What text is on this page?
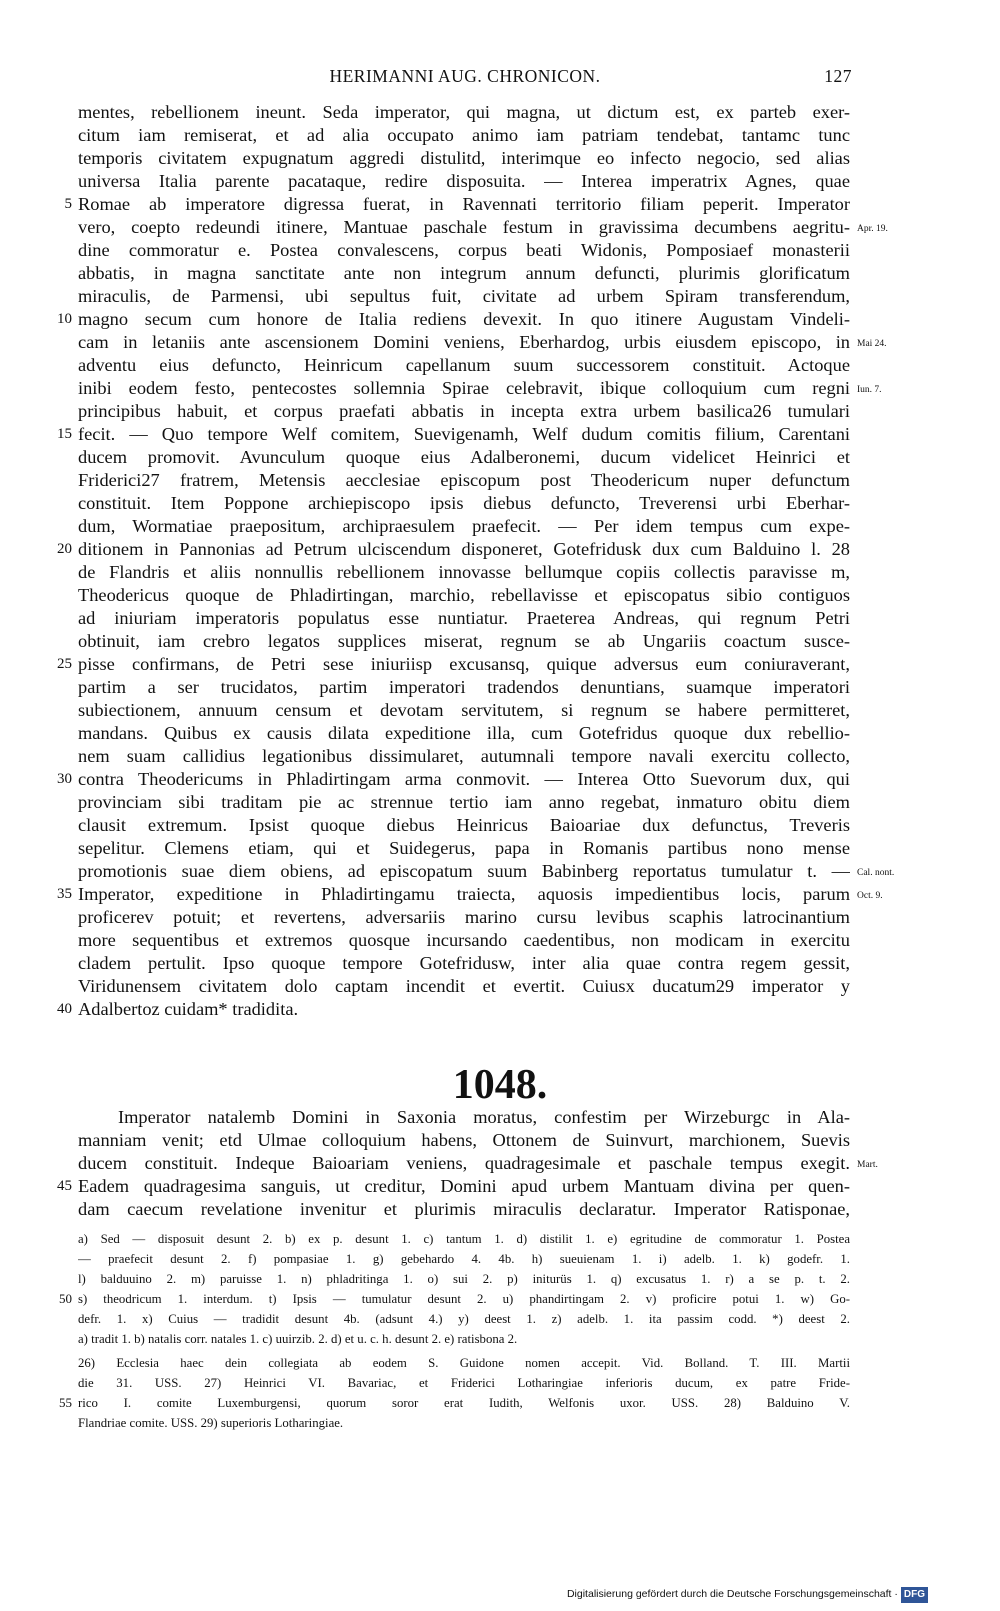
HERIMANNI AUG. CHRONICON.	127
mentes, rebellionem ineunt. Seda imperator, qui magna, ut dictum est, ex parteb exer-
citum iam remiserat, et ad alia occupato animo iam patriam tendebat, tantamc tunc
temporis civitatem expugnatum aggredi distulitd, interimque eo infecto negocio, sed alias
universa Italia parente pacataque, redire disposuita. — Interea imperatrix Agnes, quae
Romae ab imperatore digressa fuerat, in Ravennati territorio filiam peperit. Imperator
vero, coepto redeundi itinere, Mantuae paschale festum in gravissima decumbens aegritu-
dine commoratur e. Postea convalescens, corpus beati Widonis, Pomposiaef monasterii
abbatis, in magna sanctitate ante non integrum annum defuncti, plurimis glorificatum
miraculis, de Parmensi, ubi sepultus fuit, civitate ad urbem Spiram transferendum,
magno secum cum honore de Italia rediens devexit. In quo itinere Augustam Vindeli-
cam in letaniis ante ascensionem Domini veniens, Eberhardog, urbis eiusdem episcopo, in
adventu eius defuncto, Heinricum capellanum suum successorem constituit. Actoque
inibi eodem festo, pentecostes sollemnia Spirae celebravit, ibique colloquium cum regni
principibus habuit, et corpus praefati abbatis in incepta extra urbem basilica26 tumulari
fecit. — Quo tempore Welf comitem, Suevigenamh, Welf dudum comitis filium, Carentani
ducem promovit. Avunculum quoque eius Adalberonemi, ducum videlicet Heinrici et
Friderici27 fratrem, Metensis aecclesiae episcopum post Theodericum nuper defunctum
constituit. Item Poppone archiepiscopo ipsis diebus defuncto, Treverensi urbi Eberhar-
dum, Wormatiae praepositum, archipraesulem praefecit. — Per idem tempus cum expe-
ditionem in Pannonias ad Petrum ulciscendum disponeret, Gotefridusk dux cum Balduino l. 28
de Flandris et aliis nonnullis rebellionem innovasse bellumque copiis collectis paravisse m,
Theodericus quoque de Phladirtingan, marchio, rebellavisse et episcopatus sibio contiguos
ad iniuriam imperatoris populatus esse nuntiatur. Praeterea Andreas, qui regnum Petri
obtinuit, iam crebro legatos supplices miserat, regnum se ab Ungariis coactum susce-
pisse confirmans, de Petri sese iniuriisp excusansq, quique adversus eum coniuraverant,
partim a ser trucidatos, partim imperatori tradendos denuntians, suamque imperatori
subiectionem, annuum censum et devotam servitutem, si regnum se habere permitteret,
mandans. Quibus ex causis dilata expeditione illa, cum Gotefridus quoque dux rebellio-
nem suam callidius legationibus dissimularet, autumnali tempore navali exercitu collecto,
contra Theodericums in Phladirtingam arma conmovit. — Interea Otto Suevorum dux, qui
provinciam sibi traditam pie ac strennue tertio iam anno regebat, inmaturo obitu diem
clausit extremum. Ipsist quoque diebus Heinricus Baioariae dux defunctus, Treveris
sepelitur. Clemens etiam, qui et Suidegerus, papa in Romanis partibus nono mense
promotionis suae diem obiens, ad episcopatum suum Babinberg reportatus tumulatur t. —
Imperator, expeditione in Phladirtingamu traiecta, aquosis impedientibus locis, parum
proficerev potuit; et revertens, adversariis marino cursu levibus scaphis latrocinantium
more sequentibus et extremos quosque incursando caedentibus, non modicam in exercitu
cladem pertulit. Ipso quoque tempore Gotefridusw, inter alia quae contra regem gessit,
Viridunensem civitatem dolo captam incendit et evertit. Cuiusx ducatum29 imperator y
Adalbertoz cuidam* tradidita.
5
10
15
20
25
30
35
40
45
50
55
Apr. 19.
Mai 24.
Iun. 7.
Cal. nont.
Oct. 9.
Mart.
1048.
Imperator natalemb Domini in Saxonia moratus, confestim per Wirzeburgc in Ala-
manniam venit; etd Ulmae colloquium habens, Ottonem de Suinvurt, marchionem, Suevis
ducem constituit. Indeque Baioariam veniens, quadragesimale et paschale tempus exegit.
Eadem quadragesima sanguis, ut creditur, Domini apud urbem Mantuam divina per quen-
dam caecum revelatione invenitur et plurimis miraculis declaratur. Imperator Ratisponae,
a) Sed — disposuit desunt 2. b) ex p. desunt 1. c) tantum 1. d) distilit 1. e) egritudine de commoratur 1. Postea
— praefecit desunt 2. f) pompasiae 1. g) gebehardo 4. 4b. h) sueuienam 1. i) adelb. 1. k) godefr. 1.
l) balduuino 2. m) paruisse 1. n) phladritinga 1. o) sui 2. p) initurüs 1. q) excusatus 1. r) a se p. t. 2.
s) theodricum 1. interdum. t) Ipsis — tumulatur desunt 2. u) phandirtingam 2. v) proficire potui 1. w) Go-
defr. 1. x) Cuius — tradidit desunt 4b. (adsunt 4.) y) deest 1. z) adelb. 1. ita passim codd. *) deest 2.
a) tradit 1. b) natalis corr. natales 1. c) uuirzib. 2. d) et u. c. h. desunt 2. e) ratisbona 2.
26) Ecclesia haec dein collegiata ab eodem S. Guidone nomen accepit. Vid. Bolland. T. III. Martii
die 31. USS. 27) Heinrici VI. Bavariac, et Friderici Lotharingiae inferioris ducum, ex patre Fride-
rico I. comite Luxemburgensi, quorum soror erat Iudith, Welfonis uxor. USS. 28) Balduino V.
Flandriae comite. USS. 29) superioris Lotharingiae.
Digitalisierung gefördert durch die Deutsche Forschungsgemeinschaft · DFG
